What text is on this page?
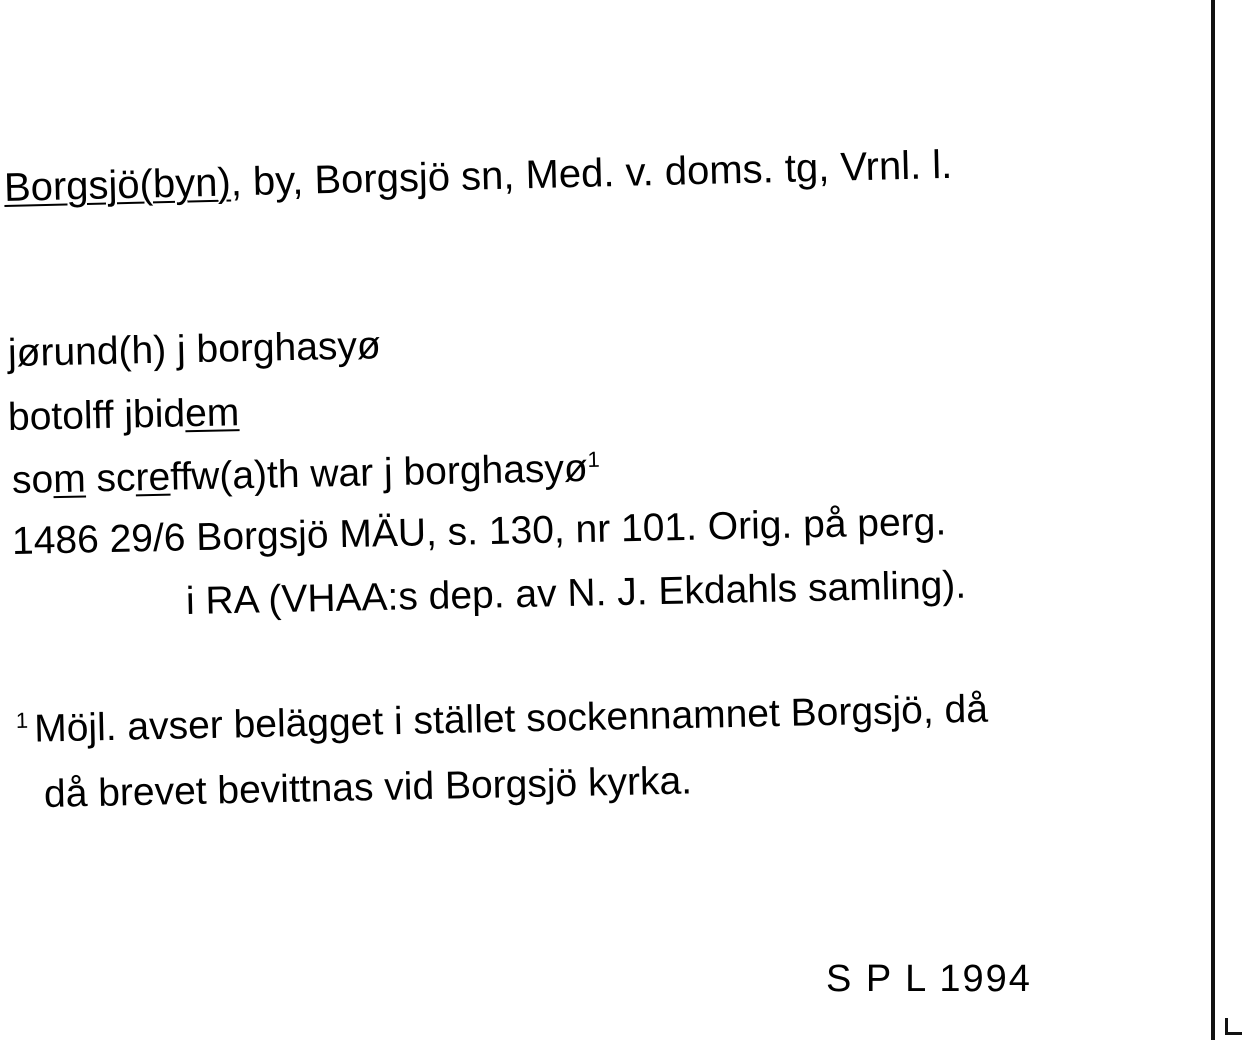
Borgsjö(byn), by, Borgsjö sn, Med. v. doms. tg, Vrnl. l.
jørund(h) j borghasyø
botolff jbidem
som screffw(a)th war j borghasyø$^1$
1486 29/6 Borgsjö MÄU, s. 130, nr 101. Orig. på perg.
i RA (VHAA:s dep. av N. J. Ekdahls samling).
$^1$ Möjl. avser belägget i stället sockennamnet Borgsjö, då
då brevet bevittnas vid Borgsjö kyrka.
S P L 1994
